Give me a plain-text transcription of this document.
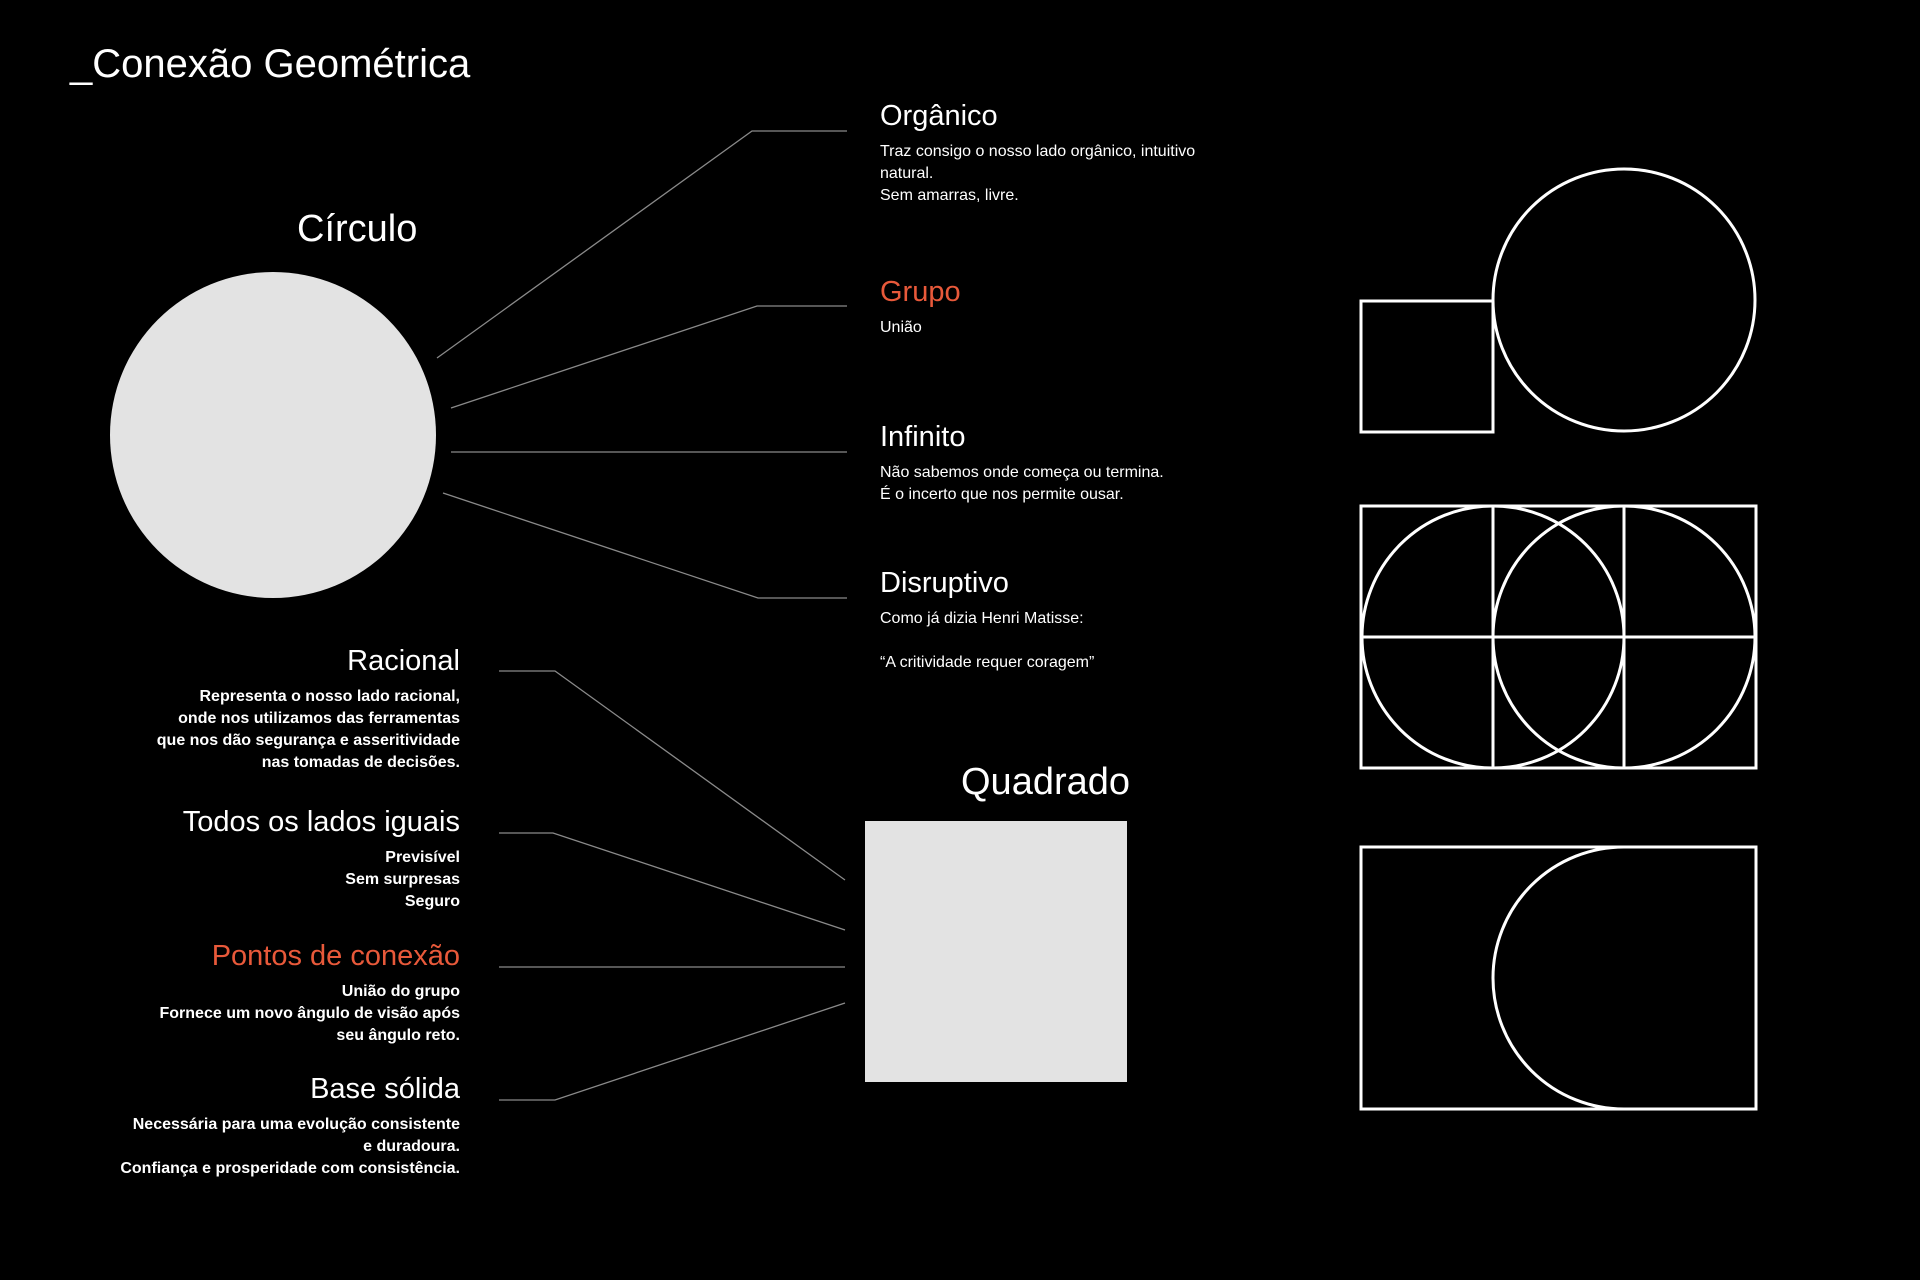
_Conexão Geométrica
Círculo
Quadrado
Orgânico
Traz consigo o nosso lado orgânico, intuitivo
natural.
Sem amarras, livre.
Grupo
União
Infinito
Não sabemos onde começa ou termina.
É o incerto que nos permite ousar.
Disruptivo
Como já dizia Henri Matisse:
“A critividade requer coragem”
Racional
Representa o nosso lado racional,
onde nos utilizamos das ferramentas
que nos dão segurança e asseritividade
nas tomadas de decisões.
Todos os lados iguais
Previsível
Sem surpresas
Seguro
Pontos de conexão
União do grupo
Fornece um novo ângulo de visão após
seu ângulo reto.
Base sólida
Necessária para uma evolução consistente
e duradoura.
Confiança e prosperidade com consistência.
